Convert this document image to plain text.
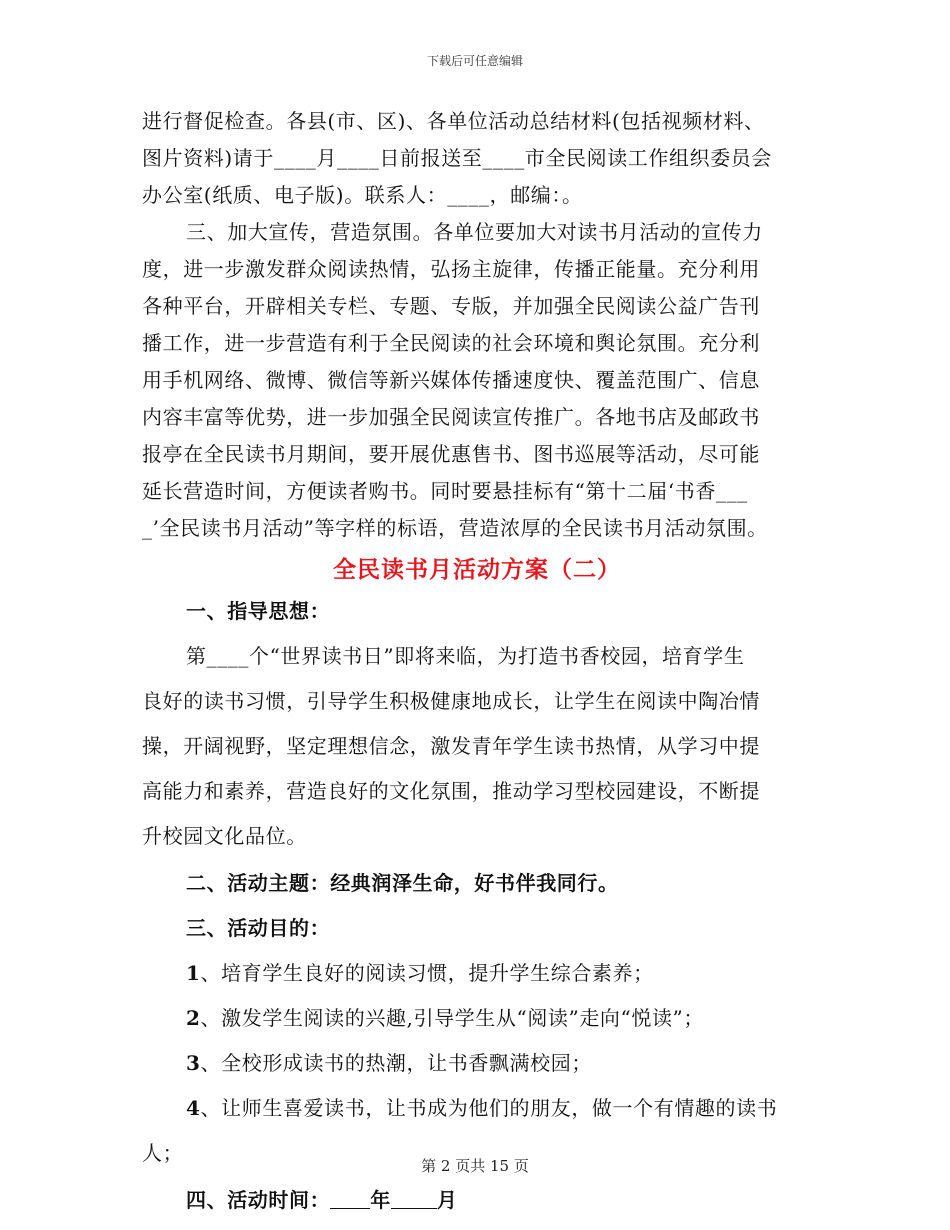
下载后可任意编辑
进行督促检查。各县(市、区)、各单位活动总结材料(包括视频材料、
图片资料)请于____月____日前报送至____市全民阅读工作组织委员会
办公室(纸质、电子版)。联系人：____，邮编：。
三、加大宣传，营造氛围。各单位要加大对读书月活动的宣传力
度，进一步激发群众阅读热情，弘扬主旋律，传播正能量。充分利用
各种平台，开辟相关专栏、专题、专版，并加强全民阅读公益广告刊
播工作，进一步营造有利于全民阅读的社会环境和舆论氛围。充分利
用手机网络、微博、微信等新兴媒体传播速度快、覆盖范围广、信息
内容丰富等优势，进一步加强全民阅读宣传推广。各地书店及邮政书
报亭在全民读书月期间，要开展优惠售书、图书巡展等活动，尽可能
延长营造时间，方便读者购书。同时要悬挂标有“第十二届‘书香___
_’全民读书月活动”等字样的标语，营造浓厚的全民读书月活动氛围。
全民读书月活动方案（二）
一、指导思想：
第____个“世界读书日”即将来临，为打造书香校园，培育学生
良好的读书习惯，引导学生积极健康地成长，让学生在阅读中陶冶情
操，开阔视野，坚定理想信念，激发青年学生读书热情，从学习中提
高能力和素养，营造良好的文化氛围，推动学习型校园建设，不断提
升校园文化品位。
二、活动主题：经典润泽生命，好书伴我同行。
三、活动目的：
1、培育学生良好的阅读习惯，提升学生综合素养；
2、激发学生阅读的兴趣,引导学生从“阅读”走向“悦读”；
3、全校形成读书的热潮，让书香飘满校园；
4、让师生喜爱读书，让书成为他们的朋友，做一个有情趣的读书
人；
四、活动时间： 年 月
第 2 页共 15 页
